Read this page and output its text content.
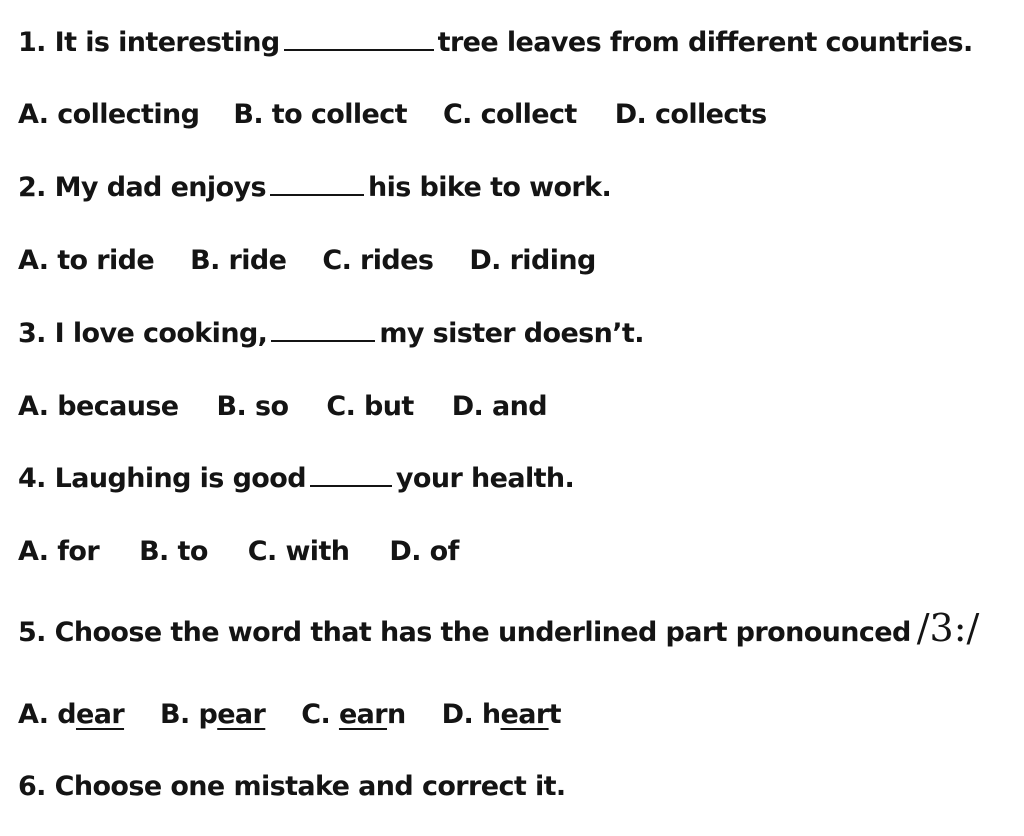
1. It is interesting	tree leaves from different countries.
A. collecting B. to collect C. collect D. collects
2. My dad enjoys	his bike to work.
A. to ride B. ride C. rides D. riding
3. I love cooking,	my sister doesn’t.
A. because B. so C. but D. and
4. Laughing is good	your health.
A. for B. to C. with D. of
5. Choose the word that has the underlined part pronounced /3:/
A. dear B. pear C. earn D. heart
6. Choose one mistake and correct it.
